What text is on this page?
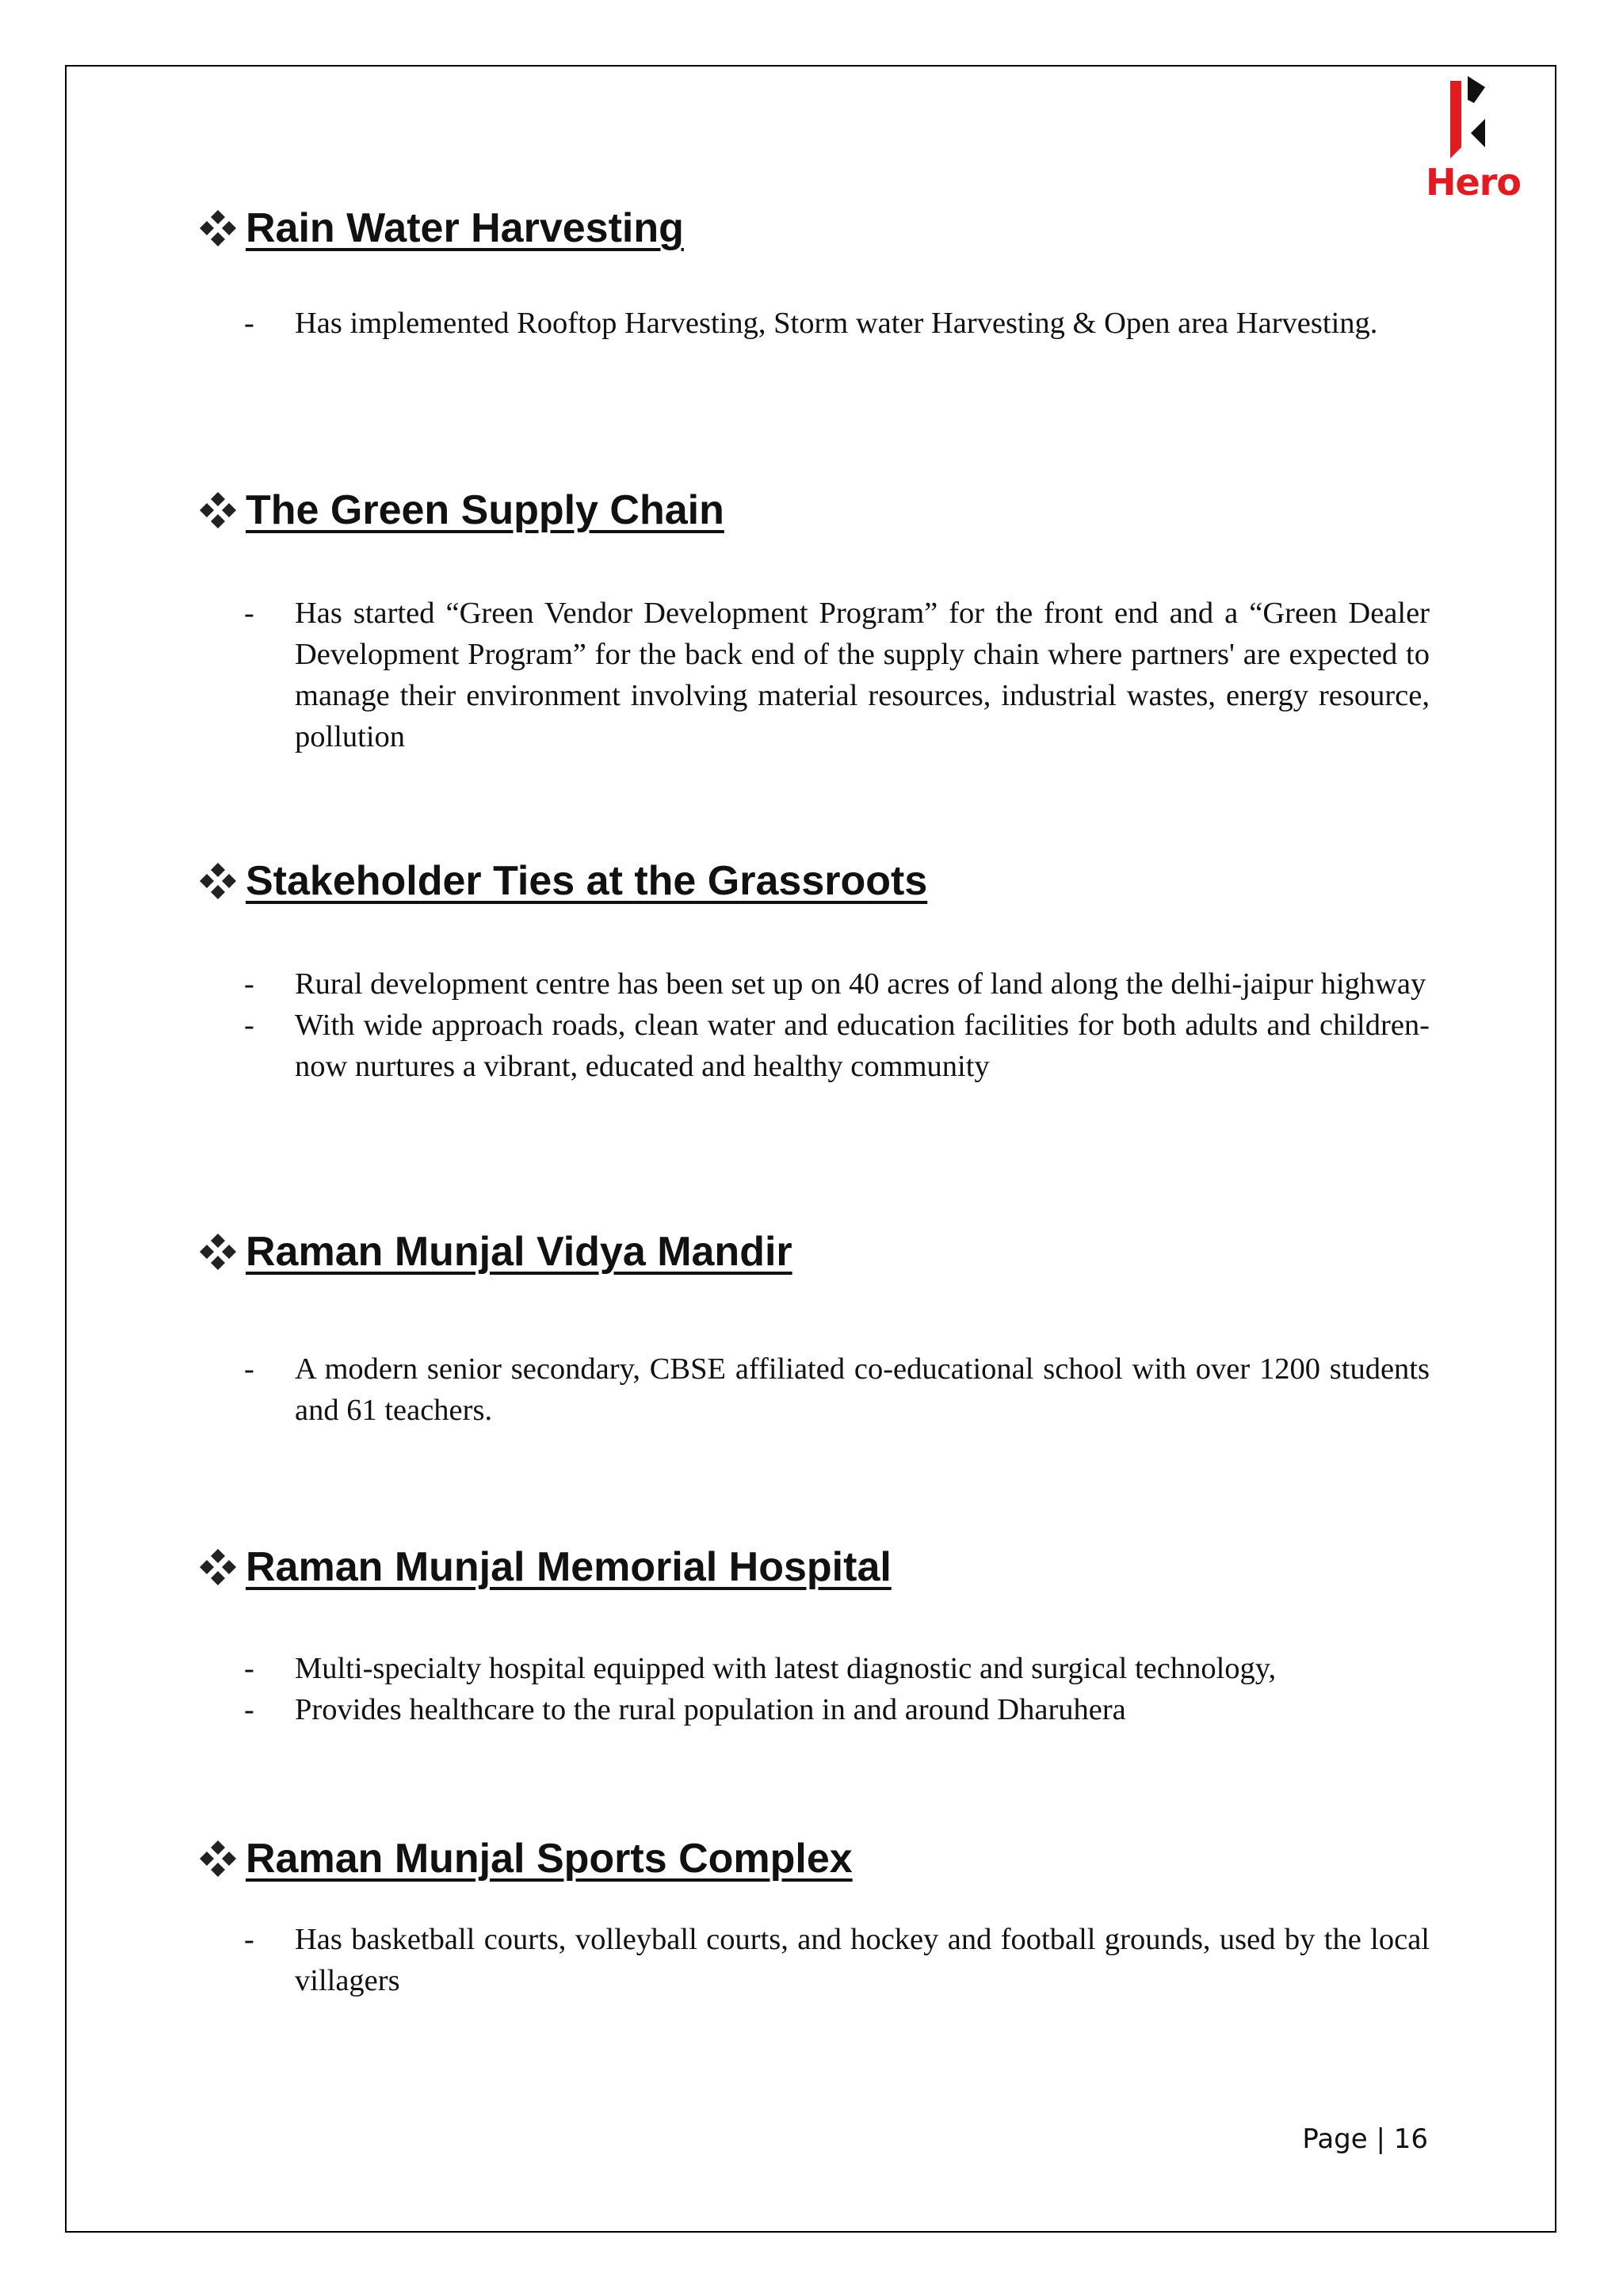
Hero
Rain Water Harvesting
- Has implemented Rooftop Harvesting, Storm water Harvesting & Open area Harvesting.
The Green Supply Chain
- Has started “Green Vendor Development Program” for the front end and a “Green Dealer Development Program” for the back end of the supply chain where partners' are expected to manage their environment involving material resources, industrial wastes, energy resource, pollution
Stakeholder Ties at the Grassroots
- Rural development centre has been set up on 40 acres of land along the delhi-jaipur highway
- With wide approach roads, clean water and education facilities for both adults and children-now nurtures a vibrant, educated and healthy community
Raman Munjal Vidya Mandir
- A modern senior secondary, CBSE affiliated co-educational school with over 1200 students and 61 teachers.
Raman Munjal Memorial Hospital
- Multi-specialty hospital equipped with latest diagnostic and surgical technology,
- Provides healthcare to the rural population in and around Dharuhera
Raman Munjal Sports Complex
- Has basketball courts, volleyball courts, and hockey and football grounds, used by the local villagers
Page | 16
